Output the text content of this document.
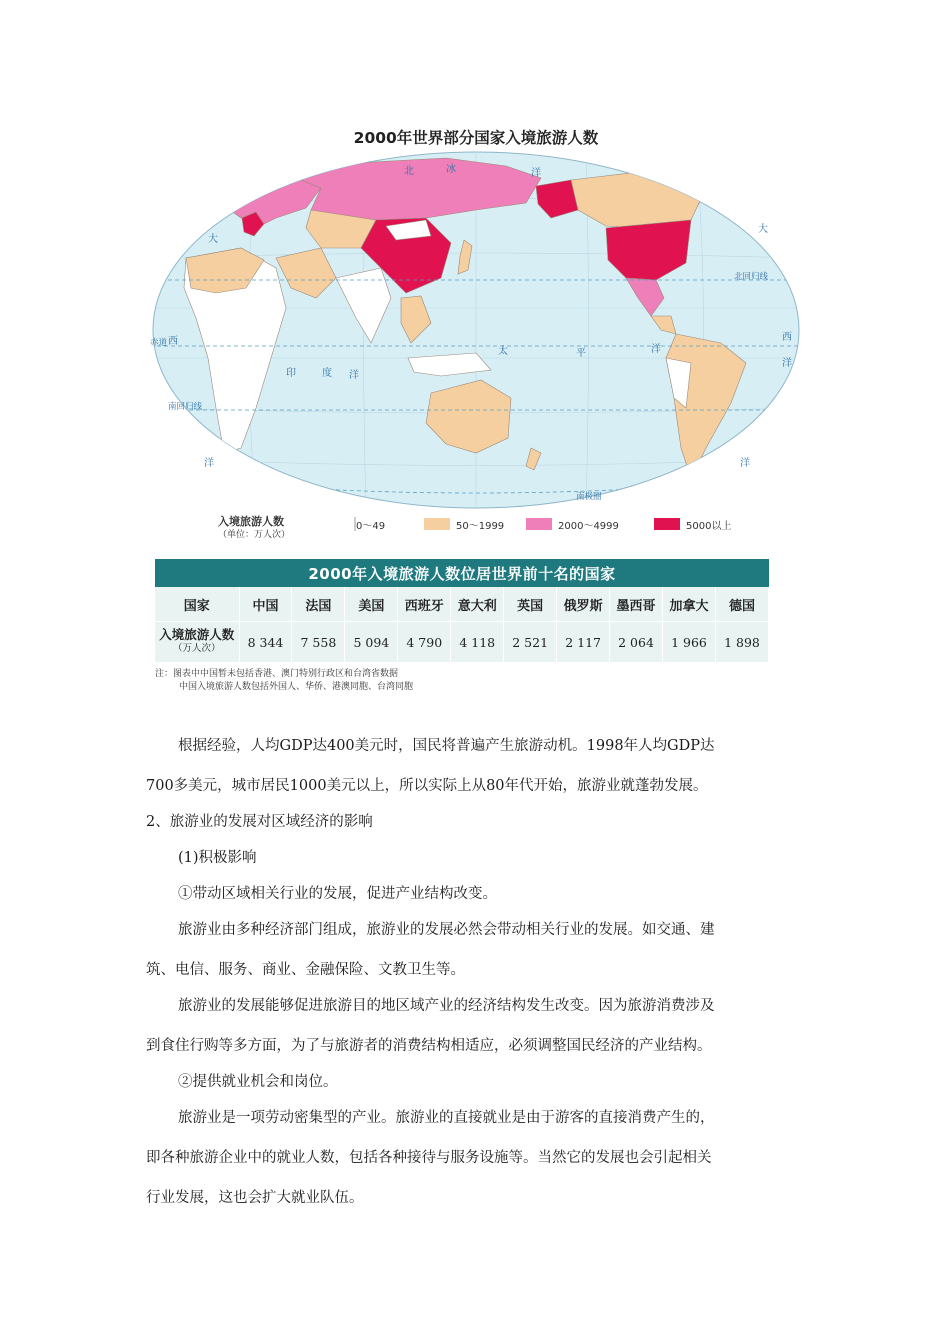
2000年世界部分国家入境旅游人数
北	冰	洋
大
大
西
洋
印	度 洋
太	平	洋
西
洋
洋
北回归线
赤道
南回归线
南极圈
入境旅游人数
（单位：万人次）
0～49	50～1999	2000～4999	5000以上
2000年入境旅游人数位居世界前十名的国家
国家	中国	法国	美国	西班牙	意大利	英国	俄罗斯	墨西哥	加拿大	德国

入境旅游人数
（万人次）	8 344	7 558	5 094	4 790	4 118	2 521	2 117	2 064	1 966	1 898
注：图表中中国暂未包括香港、澳门特别行政区和台湾省数据
中国入境旅游人数包括外国人、华侨、港澳同胞、台湾同胞
根据经验，人均GDP达400美元时，国民将普遍产生旅游动机。1998年人均GDP达
700多美元，城市居民1000美元以上，所以实际上从80年代开始，旅游业就蓬勃发展。
2、旅游业的发展对区域经济的影响
(1)积极影响
①带动区域相关行业的发展，促进产业结构改变。
旅游业由多种经济部门组成，旅游业的发展必然会带动相关行业的发展。如交通、建
筑、电信、服务、商业、金融保险、文教卫生等。
旅游业的发展能够促进旅游目的地区域产业的经济结构发生改变。因为旅游消费涉及
到食住行购等多方面，为了与旅游者的消费结构相适应，必须调整国民经济的产业结构。
②提供就业机会和岗位。
旅游业是一项劳动密集型的产业。旅游业的直接就业是由于游客的直接消费产生的，
即各种旅游企业中的就业人数，包括各种接待与服务设施等。当然它的发展也会引起相关
行业发展，这也会扩大就业队伍。
